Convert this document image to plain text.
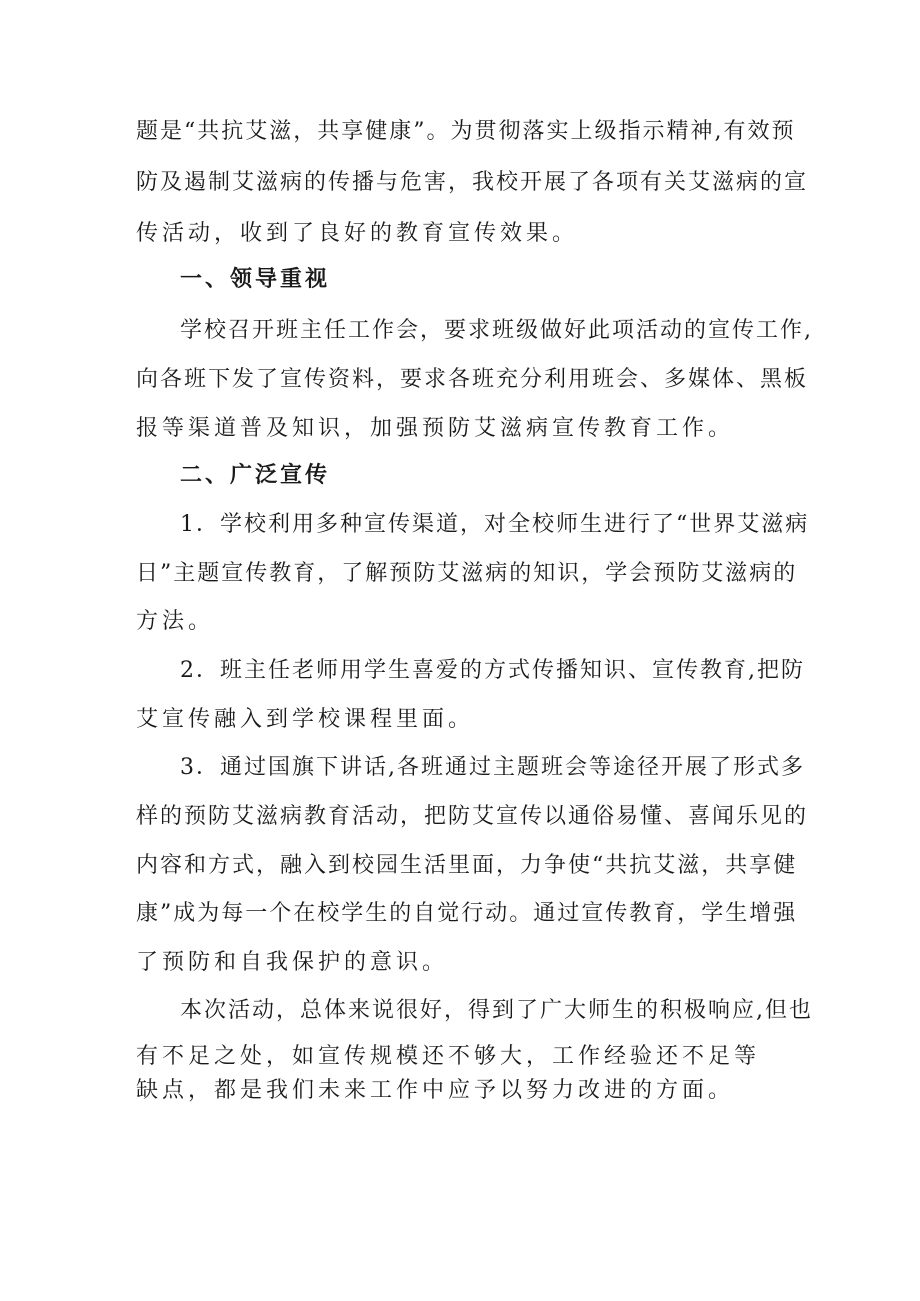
题是“共抗艾滋，共享健康”。为贯彻落实上级指示精神,有效预
防及遏制艾滋病的传播与危害，我校开展了各项有关艾滋病的宣
传活动，收到了良好的教育宣传效果。
一、领导重视
学校召开班主任工作会，要求班级做好此项活动的宣传工作,
向各班下发了宣传资料，要求各班充分利用班会、多媒体、黑板
报等渠道普及知识，加强预防艾滋病宣传教育工作。
二、广泛宣传
1．学校利用多种宣传渠道，对全校师生进行了“世界艾滋病
日”主题宣传教育，了解预防艾滋病的知识，学会预防艾滋病的
方法。
2．班主任老师用学生喜爱的方式传播知识、宣传教育,把防
艾宣传融入到学校课程里面。
3．通过国旗下讲话,各班通过主题班会等途径开展了形式多
样的预防艾滋病教育活动，把防艾宣传以通俗易懂、喜闻乐见的
内容和方式，融入到校园生活里面，力争使“共抗艾滋，共享健
康”成为每一个在校学生的自觉行动。通过宣传教育，学生增强
了预防和自我保护的意识。
本次活动，总体来说很好，得到了广大师生的积极响应,但也
有不足之处，如宣传规模还不够大，工作经验还不足等
缺点，都是我们未来工作中应予以努力改进的方面。
